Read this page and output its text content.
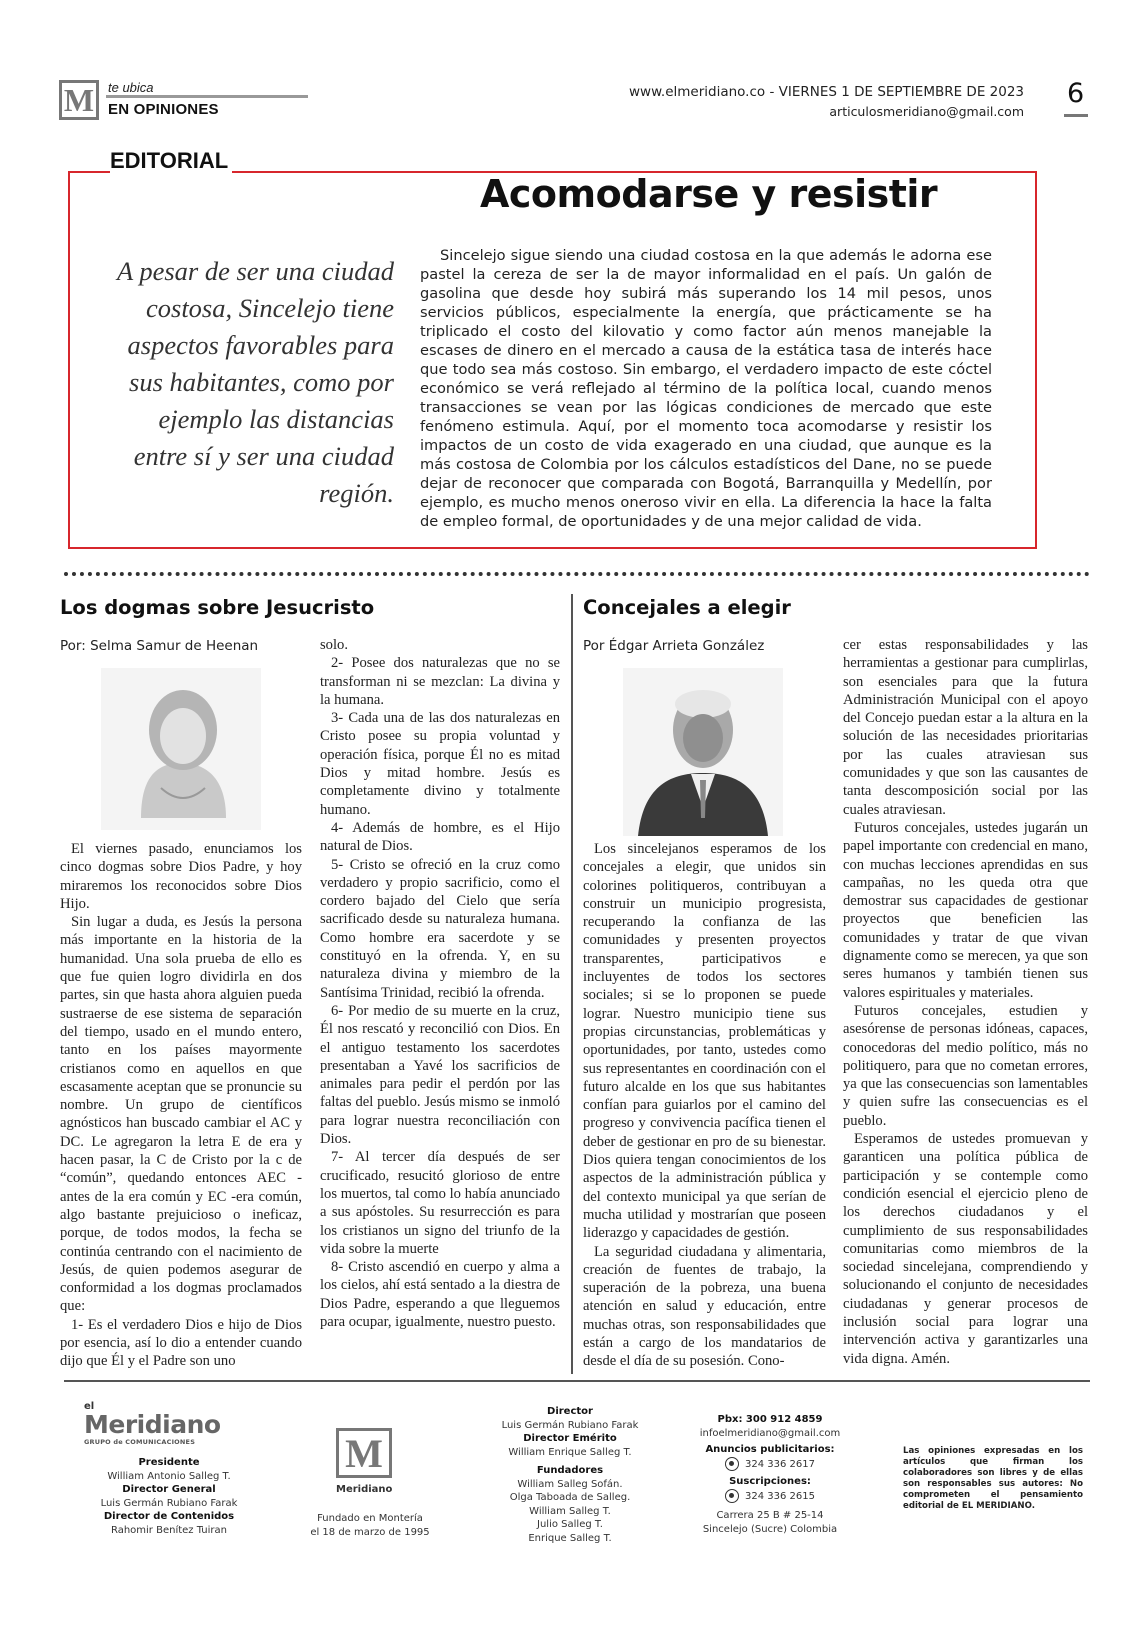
M	te ubica
EN OPINIONES
www.elmeridiano.co - VIERNES 1 DE SEPTIEMBRE DE 2023
articulosmeridiano@gmail.com
6
EDITORIAL
Acomodarse y resistir
A pesar de ser una ciudad costosa, Sincelejo tiene aspectos favorables para sus habitantes, como por ejemplo las distancias entre sí y ser una ciudad región.
Sincelejo sigue siendo una ciudad costosa en la que además le adorna ese pastel la cereza de ser la de mayor informalidad en el país. Un galón de gasolina que desde hoy subirá más superando los 14 mil pesos, unos servicios públicos, especialmente la energía, que prácticamente se ha triplicado el costo del kilovatio y como factor aún menos manejable la escases de dinero en el mercado a causa de la estática tasa de interés hace que todo sea más costoso. Sin embargo, el verdadero impacto de este cóctel económico se verá reflejado al término de la política local, cuando menos transacciones se vean por las lógicas condiciones de mercado que este fenómeno estimula. Aquí, por el momento toca acomodarse y resistir los impactos de un costo de vida exagerado en una ciudad, que aunque es la más costosa de Colombia por los cálculos estadísticos del Dane, no se puede dejar de reconocer que comparada con Bogotá, Barranquilla y Medellín, por ejemplo, es mucho menos oneroso vivir en ella. La diferencia la hace la falta de empleo formal, de oportunidades y de una mejor calidad de vida.
Los dogmas sobre Jesucristo
Por: Selma Samur de Heenan

El viernes pasado, enunciamos los cinco dogmas sobre Dios Padre, y hoy miraremos los reconocidos sobre Dios Hijo.

Sin lugar a duda, es Jesús la persona más importante en la historia de la humanidad. Una sola prueba de ello es que fue quien logro dividirla en dos partes, sin que hasta ahora alguien pueda sustraerse de ese sistema de separación del tiempo, usado en el mundo entero, tanto en los países mayormente cristianos como en aquellos en que escasamente aceptan que se pronuncie su nombre. Un grupo de científicos agnósticos han buscado cambiar el AC y DC. Le agregaron la letra E de era y hacen pasar, la C de Cristo por la c de “común”, quedando entonces AEC - antes de la era común y EC -era común, algo bastante prejuicioso o ineficaz, porque, de todos modos, la fecha se continúa centrando con el nacimiento de Jesús, de quien podemos asegurar de conformidad a los dogmas proclamados que:

1- Es el verdadero Dios e hijo de Dios por esencia, así lo dio a entender cuando dijo que Él y el Padre son uno

solo.

2- Posee dos naturalezas que no se transforman ni se mezclan: La divina y la humana.

3- Cada una de las dos naturalezas en Cristo posee su propia voluntad y operación física, porque Él no es mitad Dios y mitad hombre. Jesús es completamente divino y totalmente humano.

4- Además de hombre, es el Hijo natural de Dios.

5- Cristo se ofreció en la cruz como verdadero y propio sacrificio, como el cordero bajado del Cielo que sería sacrificado desde su naturaleza humana. Como hombre era sacerdote y se constituyó en la ofrenda. Y, en su naturaleza divina y miembro de la Santísima Trinidad, recibió la ofrenda.

6- Por medio de su muerte en la cruz, Él nos rescató y reconcilió con Dios. En el antiguo testamento los sacerdotes presentaban a Yavé los sacrificios de animales para pedir el perdón por las faltas del pueblo. Jesús mismo se inmoló para lograr nuestra reconciliación con Dios.

7- Al tercer día después de ser crucificado, resucitó glorioso de entre los muertos, tal como lo había anunciado a sus apóstoles. Su resurrección es para los cristianos un signo del triunfo de la vida sobre la muerte

8- Cristo ascendió en cuerpo y alma a los cielos, ahí está sentado a la diestra de Dios Padre, esperando a que lleguemos para ocupar, igualmente, nuestro puesto.

Concejales a elegir
Por Édgar Arrieta González

Los sincelejanos esperamos de los concejales a elegir, que unidos sin colorines politiqueros, contribuyan a construir un municipio progresista, recuperando la confianza de las comunidades y presenten proyectos transparentes, participativos e incluyentes de todos los sectores sociales; si se lo proponen se puede lograr. Nuestro municipio tiene sus propias circunstancias, problemáticas y oportunidades, por tanto, ustedes como sus representantes en coordinación con el futuro alcalde en los que sus habitantes confían para guiarlos por el camino del progreso y convivencia pacífica tienen el deber de gestionar en pro de su bienestar. Dios quiera tengan conocimientos de los aspectos de la administración pública y del contexto municipal ya que serían de mucha utilidad y mostrarían que poseen liderazgo y capacidades de gestión.

La seguridad ciudadana y alimentaria, creación de fuentes de trabajo, la superación de la pobreza, una buena atención en salud y educación, entre muchas otras, son responsabilidades que están a cargo de los mandatarios de desde el día de su posesión. Cono-

cer estas responsabilidades y las herramientas a gestionar para cumplirlas, son esenciales para que la futura Administración Municipal con el apoyo del Concejo puedan estar a la altura en la solución de las necesidades prioritarias por las cuales atraviesan sus comunidades y que son las causantes de tanta descomposición social por las cuales atraviesan.

Futuros concejales, ustedes jugarán un papel importante con credencial en mano, con muchas lecciones aprendidas en sus campañas, no les queda otra que demostrar sus capacidades de gestionar proyectos que beneficien las comunidades y tratar de que vivan dignamente como se merecen, ya que son seres humanos y también tienen sus valores espirituales y materiales.

Futuros concejales, estudien y asesórense de personas idóneas, capaces, conocedoras del medio político, más no politiquero, para que no cometan errores, ya que las consecuencias son lamentables y quien sufre las consecuencias es el pueblo.

Esperamos de ustedes promuevan y garanticen una política pública de participación y se contemple como condición esencial el ejercicio pleno de los derechos ciudadanos y el cumplimiento de sus responsabilidades comunitarias como miembros de la sociedad sincelejana, comprendiendo y solucionando el conjunto de necesidades ciudadanas y generar procesos de inclusión social para lograr una intervención activa y garantizarles una vida digna. Amén.

el
Meridiano
GRUPO de COMUNICACIONES
Presidente
William Antonio Salleg T.
Director General
Luis Germán Rubiano Farak
Director de Contenidos
Rahomir Benítez Tuiran
M
Meridiano
Fundado en Montería
el 18 de marzo de 1995
Director
Luis Germán Rubiano Farak
Director Emérito
William Enrique Salleg T.
Fundadores
William Salleg Sofán.
Olga Taboada de Salleg.
William Salleg T.
Julio Salleg T.
Enrique Salleg T.
Pbx: 300 912 4859
infoelmeridiano@gmail.com
Anuncios publicitarios:
324 336 2617
Suscripciones:
324 336 2615
Carrera 25 B # 25-14
Sincelejo (Sucre) Colombia
Las opiniones expresadas en los artículos que firman los colaboradores son libres y de ellas son responsables sus autores: No comprometen el pensamiento editorial de EL MERIDIANO.
